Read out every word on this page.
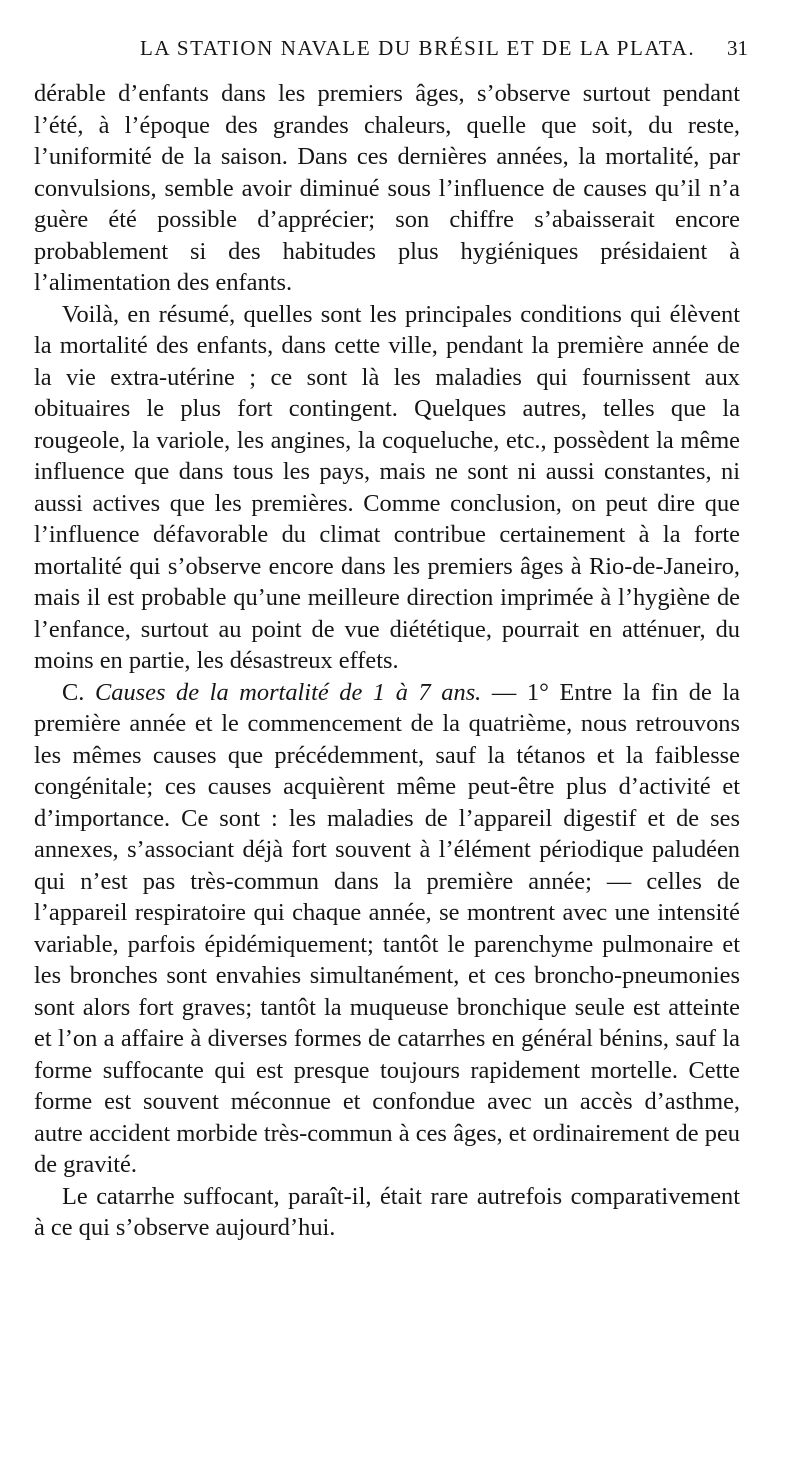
LA STATION NAVALE DU BRÉSIL ET DE LA PLATA. 31

dérable d’enfants dans les premiers âges, s’observe surtout pendant l’été, à l’époque des grandes chaleurs, quelle que soit, du reste, l’uniformité de la saison. Dans ces dernières années, la mortalité, par convulsions, semble avoir diminué sous l’influence de causes qu’il n’a guère été possible d’apprécier; son chiffre s’abaisserait encore probablement si des habitudes plus hygiéniques présidaient à l’alimentation des enfants.

Voilà, en résumé, quelles sont les principales conditions qui élèvent la mortalité des enfants, dans cette ville, pendant la première année de la vie extra-utérine ; ce sont là les maladies qui fournissent aux obituaires le plus fort contingent. Quelques autres, telles que la rougeole, la variole, les angines, la coqueluche, etc., possèdent la même influence que dans tous les pays, mais ne sont ni aussi constantes, ni aussi actives que les premières. Comme conclusion, on peut dire que l’influence défavorable du climat contribue certainement à la forte mortalité qui s’observe encore dans les premiers âges à Rio-de-Janeiro, mais il est probable qu’une meilleure direction imprimée à l’hygiène de l’enfance, surtout au point de vue diététique, pourrait en atténuer, du moins en partie, les désastreux effets.

C. Causes de la mortalité de 1 à 7 ans. — 1° Entre la fin de la première année et le commencement de la quatrième, nous retrouvons les mêmes causes que précédemment, sauf la tétanos et la faiblesse congénitale; ces causes acquièrent même peut-être plus d’activité et d’importance. Ce sont : les maladies de l’appareil digestif et de ses annexes, s’associant déjà fort souvent à l’élément périodique paludéen qui n’est pas très-commun dans la première année; — celles de l’appareil respiratoire qui chaque année, se montrent avec une intensité variable, parfois épidémiquement; tantôt le parenchyme pulmonaire et les bronches sont envahies simultanément, et ces broncho-pneumonies sont alors fort graves; tantôt la muqueuse bronchique seule est atteinte et l’on a affaire à diverses formes de catarrhes en général bénins, sauf la forme suffocante qui est presque toujours rapidement mortelle. Cette forme est souvent méconnue et confondue avec un accès d’asthme, autre accident morbide très-commun à ces âges, et ordinairement de peu de gravité.

Le catarrhe suffocant, paraît-il, était rare autrefois comparativement à ce qui s’observe aujourd’hui.
